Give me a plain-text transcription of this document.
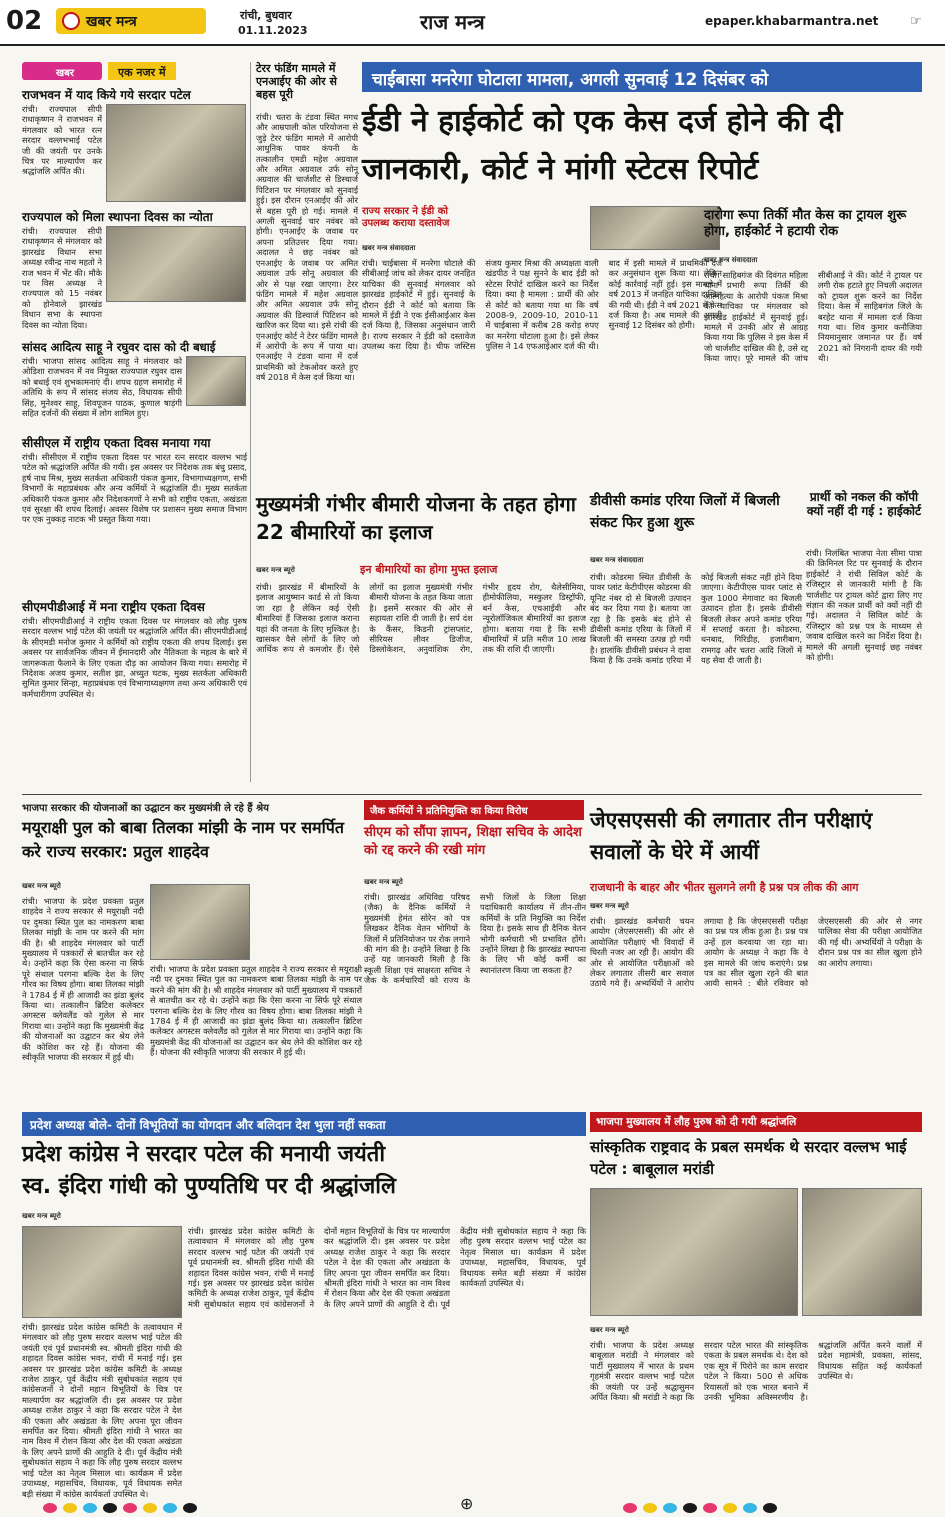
02	खबर मन्त्र	रांची, बुधवार
01.11.2023	राज मन्त्र	epaper.khabarmantra.net ☞
खबर	एक नजर में
राजभवन में याद किये गये सरदार पटेल
रांची। राज्यपाल सीपी राधाकृष्णन ने राजभवन में मंगलवार को भारत रत्न सरदार वल्लभभाई पटेल जी की जयंती पर उनके चित्र पर माल्यार्पण कर श्रद्धांजलि अर्पित की।
राज्यपाल को मिला स्थापना दिवस का न्योता
रांची। राज्यपाल सीपी राधाकृष्णन से मंगलवार को झारखंड विधान सभा अध्यक्ष रवीन्द्र नाथ महतो ने राज भवन में भेंट की। मौके पर विस अध्यक्ष ने राज्यपाल को 15 नवंबर को होनेवाले झारखंड विधान सभा के स्थापना दिवस का न्योता दिया।
सांसद आदित्य साहू ने रघुवर दास को दी बधाई
रांची। भाजपा सांसद आदित्य साहू ने मंगलवार को ओडिशा राजभवन में नव नियुक्त राज्यपाल रघुवर दास को बधाई एवं शुभकामनाएं दी। शपथ ग्रहण समारोह में अतिथि के रूप में सांसद संजय सेठ, विधायक सीपी सिंह, मुनेश्वर साहू, शिवपूजन पाठक, कुणाल षाड़ंगी सहित दर्जनों की संख्या में लोग शामिल हुए।
सीसीएल में राष्ट्रीय एकता दिवस मनाया गया
रांची। सीसीएल में राष्ट्रीय एकता दिवस पर भारत रत्न सरदार वल्लभ भाई पटेल को श्रद्धांजलि अर्पित की गयी। इस अवसर पर निदेशक तक बंधु प्रसाद, हर्ष नाथ मिश्र, मुख्य सतर्कता अधिकारी पंकज कुमार, विभागाध्यक्षगण, सभी विभागों के महाप्रबंधक और अन्य कर्मियों ने श्रद्धांजलि दी। मुख्य सतर्कता अधिकारी पंकज कुमार और निदेशकगणों ने सभी को राष्ट्रीय एकता, अखंडता एवं सुरक्षा की शपथ दिलाई। अवसर विशेष पर प्रशासन मुख्य समाज विभाग पर एक नुक्कड़ नाटक भी प्रस्तुत किया गया।
सीएमपीडीआई में मना राष्ट्रीय एकता दिवस
रांची। सीएमपीडीआई ने राष्ट्रीय एकता दिवस पर मंगलवार को लौह पुरुष सरदार वल्लभ भाई पटेल की जयंती पर श्रद्धांजलि अर्पित की। सीएमपीडीआई के सीएमडी मनोज कुमार ने कर्मियों को राष्ट्रीय एकता की शपथ दिलाई। इस अवसर पर सार्वजनिक जीवन में ईमानदारी और नैतिकता के महत्व के बारे में जागरूकता फैलाने के लिए एकता दौड़ का आयोजन किया गया। समारोह में निदेशक अजय कुमार, सतीश झा, अच्युत घटक, मुख्य सतर्कता अधिकारी सुमित कुमार सिन्हा, महाप्रबंधक एवं विभागाध्यक्षगण तथा अन्य अधिकारी एवं कर्मचारीगण उपस्थित थे।
टेरर फंडिंग मामले में एनआईए की ओर से बहस पूरी
रांची। चतरा के टंडवा स्थित मगध और आम्रपाली कोल परियोजना से जुड़े टेरर फंडिंग मामले में आरोपी आधुनिक पावर कंपनी के तत्कालीन एमडी महेश अग्रवाल और अमित अग्रवाल उर्फ सोनू अग्रवाल की चार्जशीट से डिस्चार्ज पिटिशन पर मंगलवार को सुनवाई हुई। इस दौरान एनआईए की ओर से बहस पूरी हो गई। मामले में अगली सुनवाई चार नवंबर को होगी। एनआईए के जवाब पर अपना प्रतिउत्तर दिया गया। अदालत ने छह नवंबर को एनआईए के जवाब पर अमित अग्रवाल उर्फ सोनू अग्रवाल की ओर से पक्ष रखा जाएगा। टेरर फंडिंग मामले में महेश अग्रवाल और अमित अग्रवाल उर्फ सोनू अग्रवाल की डिस्चार्ज पिटिशन को खारिज कर दिया था। इसे रांची की एनआईए कोर्ट ने टेरर फंडिंग मामले में आरोपी के रूप में पाया था। एनआईए ने टंडवा थाना में दर्ज प्राथमिकी को टेकओवर करते हुए वर्ष 2018 में केस दर्ज किया था।
चाईबासा मनरेगा घोटाला मामला, अगली सुनवाई 12 दिसंबर को
ईडी ने हाईकोर्ट को एक केस दर्ज होने की दी जानकारी, कोर्ट ने मांगी स्टेटस रिपोर्ट
राज्य सरकार ने ईडी को उपलब्ध कराया दस्तावेज
खबर मन्त्र संवाददाता
रांची। चाईबासा में मनरेगा घोटाले की सीबीआई जांच को लेकर दायर जनहित याचिका की सुनवाई मंगलवार को झारखंड हाईकोर्ट में हुई। सुनवाई के दौरान ईडी ने कोर्ट को बताया कि मामले में ईडी ने एक ईसीआईआर केस दर्ज किया है, जिसका अनुसंधान जारी है। राज्य सरकार ने ईडी को दस्तावेज उपलब्ध करा दिया है। चीफ जस्टिस संजय कुमार मिश्रा की अध्यक्षता वाली खंडपीठ ने पक्ष सुनने के बाद ईडी को स्टेटस रिपोर्ट दाखिल करने का निर्देश दिया। क्या है मामला : प्रार्थी की ओर से कोर्ट को बताया गया था कि वर्ष 2008-9, 2009-10, 2010-11 में चाईबासा में करीब 28 करोड़ रुपए का मनरेगा घोटाला हुआ है। इसे लेकर पुलिस ने 14 एफआईआर दर्ज की थी। बाद में इसी मामले में प्राथमिकी दर्ज कर अनुसंधान शुरू किया था। लेकिन कोई कार्रवाई नहीं हुई। इस मामले में वर्ष 2013 में जनहित याचिका दाखिल की गयी थी। ईडी ने वर्ष 2021 में केस दर्ज किया है। अब मामले की अगली सुनवाई 12 दिसंबर को होगी।
दारोगा रूपा तिर्की मौत केस का ट्रायल शुरू होगा, हाईकोर्ट ने हटायी रोक
खबर मन्त्र संवाददाता
रांची। साहिबगंज की दिवंगत महिला थाना प्रभारी रूपा तिर्की की आत्महत्या के आरोपी पंकज मिश्रा की याचिका पर मंगलवार को झारखंड हाईकोर्ट में सुनवाई हुई। मामले में उनकी ओर से आग्रह किया गया कि पुलिस ने इस केस में जो चार्जशीट दाखिल की है, उसे रद्द किया जाए। पूरे मामले की जांच सीबीआई ने की। कोर्ट ने ट्रायल पर लगी रोक हटाते हुए निचली अदालत को ट्रायल शुरू करने का निर्देश दिया। केस में साहिबगंज जिले के बरहेट थाना में मामला दर्ज किया गया था। शिव कुमार कनौजिया नियमानुसार जमानत पर हैं। वर्ष 2021 को निगरानी दायर की गयी थी।
मुख्यमंत्री गंभीर बीमारी योजना के तहत होगा 22 बीमारियों का इलाज
खबर मन्त्र ब्यूरो	इन बीमारियों का होगा मुफ्त इलाज
रांची। झारखंड में बीमारियों के इलाज आयुष्मान कार्ड से तो किया जा रहा है लेकिन कई ऐसी बीमारियां हैं जिसका इलाज कराना यहां की जनता के लिए मुश्किल है। खासकर वैसे लोगों के लिए जो आर्थिक रूप से कमजोर हैं। ऐसे लोगों का इलाज मुख्यमंत्री गंभीर बीमारी योजना के तहत किया जाता है। इसमें सरकार की ओर से सहायता राशि दी जाती है। सर्प दंश के कैंसर, किडनी ट्रांसप्लांट, सीरियस लीवर डिजीज, डिस्लोकेशन, अनुवांशिक रोग, गंभीर हृदय रोग, थैलेसीमिया, हीमोफीलिया, मस्कुलर डिस्ट्रॉफी, बर्न केस, एचआईवी और न्यूरोलॉजिकल बीमारियों का इलाज होगा। बताया गया है कि सभी बीमारियों में प्रति मरीज 10 लाख तक की राशि दी जाएगी।
डीवीसी कमांड एरिया जिलों में बिजली संकट फिर हुआ शुरू
खबर मन्त्र संवाददाता
रांची। कोडरमा स्थित डीवीसी के पावर प्लांट केटीपीएस कोडरमा की यूनिट नंबर दो से बिजली उत्पादन बंद कर दिया गया है। बताया जा रहा है कि इसके बंद होने से डीवीसी कमांड एरिया के जिलों में बिजली की समस्या उत्पन्न हो गयी है। हालांकि डीवीसी प्रबंधन ने दावा किया है कि उनके कमांड एरिया में कोई बिजली संकट नहीं होने दिया जाएगा। केटीपीएस पावर प्लांट से कुल 1000 मेगावाट का बिजली उत्पादन होता है। इसके डीवीसी बिजली लेकर अपने कमांड एरिया में सप्लाई करता है। कोडरमा, धनबाद, गिरिडीह, हजारीबाग, रामगढ़ और चतरा आदि जिलों में यह सेवा दी जाती है।
प्रार्थी को नकल की कॉपी क्यों नहीं दी गई : हाईकोर्ट
रांची। निलंबित भाजपा नेता सीमा पात्रा की क्रिमिनल रिट पर सुनवाई के दौरान हाईकोर्ट ने रांची सिविल कोर्ट के रजिस्ट्रार से जानकारी मांगी है कि चार्जशीट पर ट्रायल कोर्ट द्वारा लिए गए संज्ञान की नकल प्रार्थी को क्यों नहीं दी गई। अदालत ने सिविल कोर्ट के रजिस्ट्रार को प्रश्न पत्र के माध्यम से जवाब दाखिल करने का निर्देश दिया है। मामले की अगली सुनवाई छह नवंबर को होगी।
भाजपा सरकार की योजनाओं का उद्घाटन कर मुख्यमंत्री ले रहे हैं श्रेय
मयूराक्षी पुल को बाबा तिलका मांझी के नाम पर समर्पित करे राज्य सरकार: प्रतुल शाहदेव
खबर मन्त्र ब्यूरो
रांची। भाजपा के प्रदेश प्रवक्ता प्रतुल शाहदेव ने राज्य सरकार से मयूराक्षी नदी पर दुमका स्थित पुल का नामकरण बाबा तिलका मांझी के नाम पर करने की मांग की है। श्री शाहदेव मंगलवार को पार्टी मुख्यालय में पत्रकारों से बातचीत कर रहे थे। उन्होंने कहा कि ऐसा करना ना सिर्फ पूरे संथाल परगना बल्कि देश के लिए गौरव का विषय होगा। बाबा तिलका मांझी ने 1784 ई में ही आजादी का झंडा बुलंद किया था। तत्कालीन ब्रिटिश कलेक्टर अगस्टस क्लेवलैंड को गुलेल से मार गिराया था। उन्होंने कहा कि मुख्यमंत्री केंद्र की योजनाओं का उद्घाटन कर श्रेय लेने की कोशिश कर रहे हैं। योजना की स्वीकृति भाजपा की सरकार में हुई थी।
रांची। भाजपा के प्रदेश प्रवक्ता प्रतुल शाहदेव ने राज्य सरकार से मयूराक्षी नदी पर दुमका स्थित पुल का नामकरण बाबा तिलका मांझी के नाम पर करने की मांग की है। श्री शाहदेव मंगलवार को पार्टी मुख्यालय में पत्रकारों से बातचीत कर रहे थे। उन्होंने कहा कि ऐसा करना ना सिर्फ पूरे संथाल परगना बल्कि देश के लिए गौरव का विषय होगा। बाबा तिलका मांझी ने 1784 ई में ही आजादी का झंडा बुलंद किया था। तत्कालीन ब्रिटिश कलेक्टर अगस्टस क्लेवलैंड को गुलेल से मार गिराया था। उन्होंने कहा कि मुख्यमंत्री केंद्र की योजनाओं का उद्घाटन कर श्रेय लेने की कोशिश कर रहे हैं। योजना की स्वीकृति भाजपा की सरकार में हुई थी।
जैक कर्मियों ने प्रतिनियुक्ति का किया विरोध
सीएम को सौंपा ज्ञापन, शिक्षा सचिव के आदेश को रद्द करने की रखी मांग
खबर मन्त्र ब्यूरो
रांची। झारखंड अधिविद्य परिषद (जैक) के दैनिक कर्मियों ने मुख्यमंत्री हेमंत सोरेन को पत्र लिखकर दैनिक वेतन भोगियों के जिलों में प्रतिनियोजन पर रोक लगाने की मांग की है। उन्होंने लिखा है कि उन्हें यह जानकारी मिली है कि स्कूली शिक्षा एवं साक्षरता सचिव ने जैक के कर्मचारियों को राज्य के सभी जिलों के जिला शिक्षा पदाधिकारी कार्यालय में तीन-तीन कर्मियों के प्रति नियुक्ति का निर्देश दिया है। इसके साथ ही दैनिक वेतन भोगी कर्मचारी भी प्रभावित होंगे। उन्होंने लिखा है कि झारखंड स्थापना के लिए भी कोई कर्मी का स्थानांतरण किया जा सकता है?
जेएसएससी की लगातार तीन परीक्षाएं सवालों के घेरे में आयीं
राजधानी के बाहर और भीतर सुलगने लगी है प्रश्न पत्र लीक की आग
खबर मन्त्र ब्यूरो
रांची। झारखंड कर्मचारी चयन आयोग (जेएसएससी) की ओर से आयोजित परीक्षाएं भी विवादों में घिरती नजर आ रही हैं। आयोग की ओर से आयोजित परीक्षाओं को लेकर लगातार तीसरी बार सवाल उठाये गये हैं। अभ्यर्थियों ने आरोप लगाया है कि जेएसएससी परीक्षा का प्रश्न पत्र लीक हुआ है। प्रश्न पत्र उन्हें हल करवाया जा रहा था। आयोग के अध्यक्ष ने कहा कि वे इस मामले की जांच कराएंगे। प्रश्न पत्र का सील खुला रहने की बात आयी सामने : बीते रविवार को जेएसएससी की ओर से नगर पालिका सेवा की परीक्षा आयोजित की गई थी। अभ्यर्थियों ने परीक्षा के दौरान प्रश्न पत्र का सील खुला होने का आरोप लगाया।
प्रदेश अध्यक्ष बोले- दोनों विभूतियों का योगदान और बलिदान देश भुला नहीं सकता
प्रदेश कांग्रेस ने सरदार पटेल की मनायी जयंती
स्व. इंदिरा गांधी को पुण्यतिथि पर दी श्रद्धांजलि
खबर मन्त्र ब्यूरो
रांची। झारखंड प्रदेश कांग्रेस कमिटी के तत्वावधान में मंगलवार को लौह पुरुष सरदार वल्लभ भाई पटेल की जयंती एवं पूर्व प्रधानमंत्री स्व. श्रीमती इंदिरा गांधी की शहादत दिवस कांग्रेस भवन, रांची में मनाई गई। इस अवसर पर झारखंड प्रदेश कांग्रेस कमिटी के अध्यक्ष राजेश ठाकुर, पूर्व केंद्रीय मंत्री सुबोधकांत सहाय एवं कांग्रेसजनों ने दोनों महान विभूतियों के चित्र पर माल्यार्पण कर श्रद्धांजलि दी। इस अवसर पर प्रदेश अध्यक्ष राजेश ठाकुर ने कहा कि सरदार पटेल ने देश की एकता और अखंडता के लिए अपना पूरा जीवन समर्पित कर दिया। श्रीमती इंदिरा गांधी ने भारत का नाम विश्व में रोशन किया और देश की एकता अखंडता के लिए अपने प्राणों की आहुति दे दी। पूर्व केंद्रीय मंत्री सुबोधकांत सहाय ने कहा कि लौह पुरुष सरदार वल्लभ भाई पटेल का नेतृत्व मिसाल था। कार्यक्रम में प्रदेश उपाध्यक्ष, महासचिव, विधायक, पूर्व विधायक समेत बड़ी संख्या में कांग्रेस कार्यकर्ता उपस्थित थे।
रांची। झारखंड प्रदेश कांग्रेस कमिटी के तत्वावधान में मंगलवार को लौह पुरुष सरदार वल्लभ भाई पटेल की जयंती एवं पूर्व प्रधानमंत्री स्व. श्रीमती इंदिरा गांधी की शहादत दिवस कांग्रेस भवन, रांची में मनाई गई। इस अवसर पर झारखंड प्रदेश कांग्रेस कमिटी के अध्यक्ष राजेश ठाकुर, पूर्व केंद्रीय मंत्री सुबोधकांत सहाय एवं कांग्रेसजनों ने दोनों महान विभूतियों के चित्र पर माल्यार्पण कर श्रद्धांजलि दी। इस अवसर पर प्रदेश अध्यक्ष राजेश ठाकुर ने कहा कि सरदार पटेल ने देश की एकता और अखंडता के लिए अपना पूरा जीवन समर्पित कर दिया। श्रीमती इंदिरा गांधी ने भारत का नाम विश्व में रोशन किया और देश की एकता अखंडता के लिए अपने प्राणों की आहुति दे दी। पूर्व केंद्रीय मंत्री सुबोधकांत सहाय ने कहा कि लौह पुरुष सरदार वल्लभ भाई पटेल का नेतृत्व मिसाल था। कार्यक्रम में प्रदेश उपाध्यक्ष, महासचिव, विधायक, पूर्व विधायक समेत बड़ी संख्या में कांग्रेस कार्यकर्ता उपस्थित थे।
भाजपा मुख्यालय में लौह पुरुष को दी गयी श्रद्धांजलि
सांस्कृतिक राष्ट्रवाद के प्रबल समर्थक थे सरदार वल्लभ भाई पटेल : बाबूलाल मरांडी
खबर मन्त्र ब्यूरो
रांची। भाजपा के प्रदेश अध्यक्ष बाबूलाल मरांडी ने मंगलवार को पार्टी मुख्यालय में भारत के प्रथम गृहमंत्री सरदार वल्लभ भाई पटेल की जयंती पर उन्हें श्रद्धासुमन अर्पित किया। श्री मरांडी ने कहा कि सरदार पटेल भारत की सांस्कृतिक एकता के प्रबल समर्थक थे। देश को एक सूत्र में पिरोने का काम सरदार पटेल ने किया। 500 से अधिक रियासतों को एक भारत बनाने में उनकी भूमिका अविस्मरणीय है। श्रद्धांजलि अर्पित करने वालों में प्रदेश महामंत्री, प्रवक्ता, सांसद, विधायक सहित कई कार्यकर्ता उपस्थित थे।
⊕
